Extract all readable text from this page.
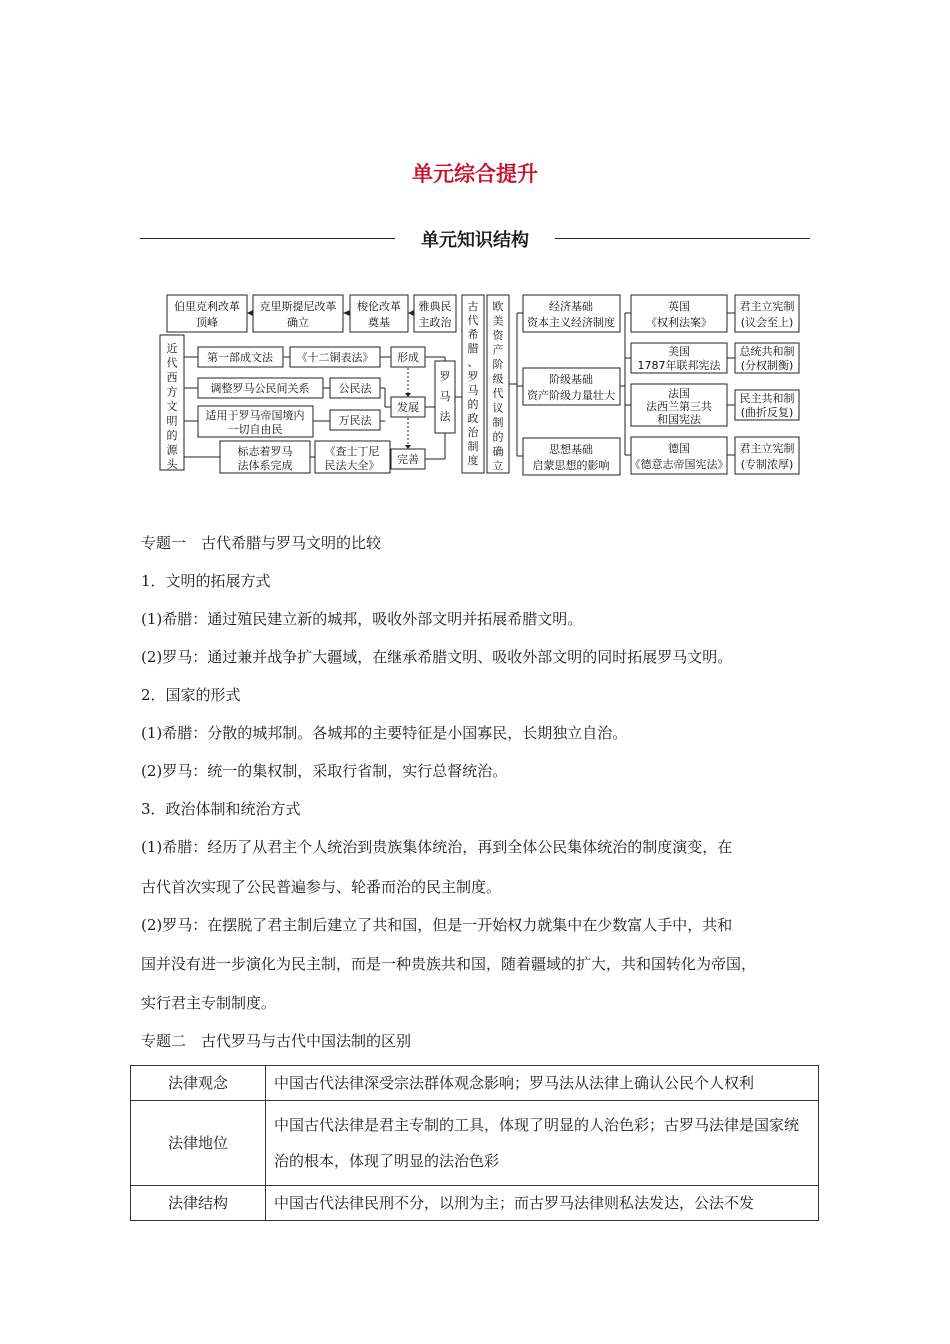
单元综合提升
单元知识结构
伯里克利改革
顶峰
克里斯提尼改革
确立
梭伦改革
奠基
雅典民
主政治
近
代
西
方
文
明
的
源
头
第一部成文法 《十二铜表法》 形成
调整罗马公民间关系	公民法
发展
适用于罗马帝国境内
一切自由民
万民法
标志着罗马
法体系完成
《查士丁尼
民法大全》 完善
罗
马
法
古
代
希
腊
、
罗
马
的
政
治
制
度
欧
美
资
产
阶
级
代
议
制
的
确
立
经济基础
资本主义经济制度
阶级基础
资产阶级力量壮大
思想基础
启蒙思想的影响
英国
《权利法案》
美国
1787年联邦宪法
法国
法西兰第三共
和国宪法
德国
《德意志帝国宪法》
君主立宪制
(议会至上)
总统共和制
(分权制衡)
民主共和制
(曲折反复)
君主立宪制
(专制浓厚)
专题一　古代希腊与罗马文明的比较
1．文明的拓展方式
(1)希腊：通过殖民建立新的城邦，吸收外部文明并拓展希腊文明。
(2)罗马：通过兼并战争扩大疆域，在继承希腊文明、吸收外部文明的同时拓展罗马文明。
2．国家的形式
(1)希腊：分散的城邦制。各城邦的主要特征是小国寡民，长期独立自治。
(2)罗马：统一的集权制，采取行省制，实行总督统治。
3．政治体制和统治方式
(1)希腊：经历了从君主个人统治到贵族集体统治，再到全体公民集体统治的制度演变，在
古代首次实现了公民普遍参与、轮番而治的民主制度。
(2)罗马：在摆脱了君主制后建立了共和国，但是一开始权力就集中在少数富人手中，共和
国并没有进一步演化为民主制，而是一种贵族共和国，随着疆域的扩大，共和国转化为帝国，
实行君主专制制度。
专题二　古代罗马与古代中国法制的区别
法律观念	中国古代法律深受宗法群体观念影响；罗马法从法律上确认公民个人权利
法律地位	中国古代法律是君主专制的工具，体现了明显的人治色彩；古罗马法律是国家统治的根本，体现了明显的法治色彩
法律结构	中国古代法律民刑不分，以刑为主；而古罗马法律则私法发达，公法不发
